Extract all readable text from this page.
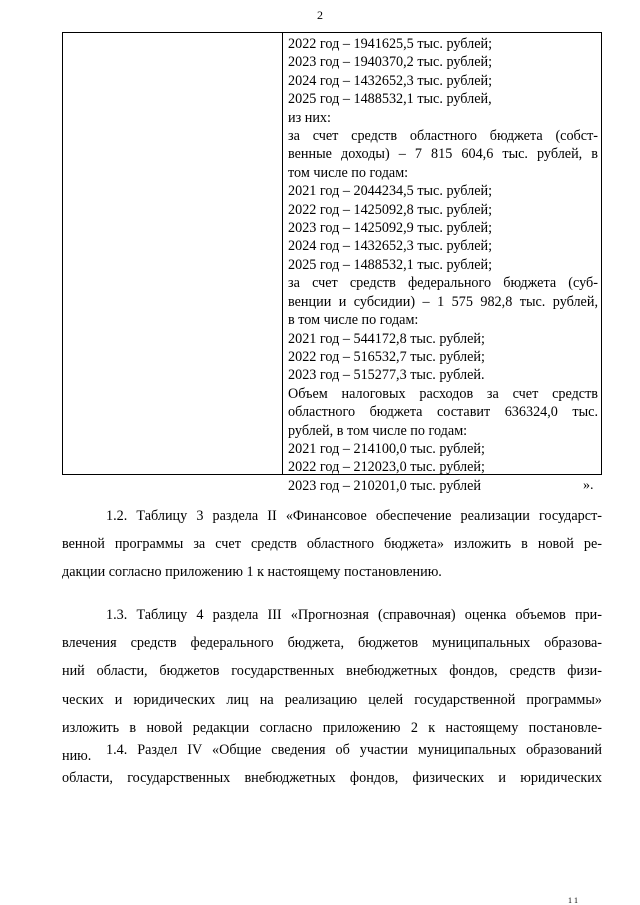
2
2022 год – 1941625,5 тыс. рублей;
2023 год – 1940370,2 тыс. рублей;
2024 год – 1432652,3 тыс. рублей;
2025 год – 1488532,1 тыс. рублей,
из них:
за счет средств областного бюджета (собст-
венные доходы) – 7 815 604,6 тыс. рублей, в
том числе по годам:
2021 год – 2044234,5 тыс. рублей;
2022 год – 1425092,8 тыс. рублей;
2023 год – 1425092,9 тыс. рублей;
2024 год – 1432652,3 тыс. рублей;
2025 год – 1488532,1 тыс. рублей;
за счет средств федерального бюджета (суб-
венции и субсидии) – 1 575 982,8 тыс. рублей,
в том числе по годам:
2021 год – 544172,8 тыс. рублей;
2022 год – 516532,7 тыс. рублей;
2023 год – 515277,3 тыс. рублей.
Объем налоговых расходов за счет средств
областного бюджета составит 636324,0 тыс.
рублей, в том числе по годам:
2021 год – 214100,0 тыс. рублей;
2022 год – 212023,0 тыс. рублей;
2023 год – 210201,0 тыс. рублей	».
1.2. Таблицу 3 раздела II «Финансовое обеспечение реализации государст-
венной программы за счет средств областного бюджета» изложить в новой ре-
дакции согласно приложению 1 к настоящему постановлению.
1.3. Таблицу 4 раздела III «Прогнозная (справочная) оценка объемов при-
влечения средств федерального бюджета, бюджетов муниципальных образова-
ний области, бюджетов государственных внебюджетных фондов, средств физи-
ческих и юридических лиц на реализацию целей государственной программы»
изложить в новой редакции согласно приложению 2 к настоящему постановле-
нию.	1.4. Раздел IV «Общие сведения об участии муниципальных образований
области, государственных внебюджетных фондов, физических и юридических
1 1
